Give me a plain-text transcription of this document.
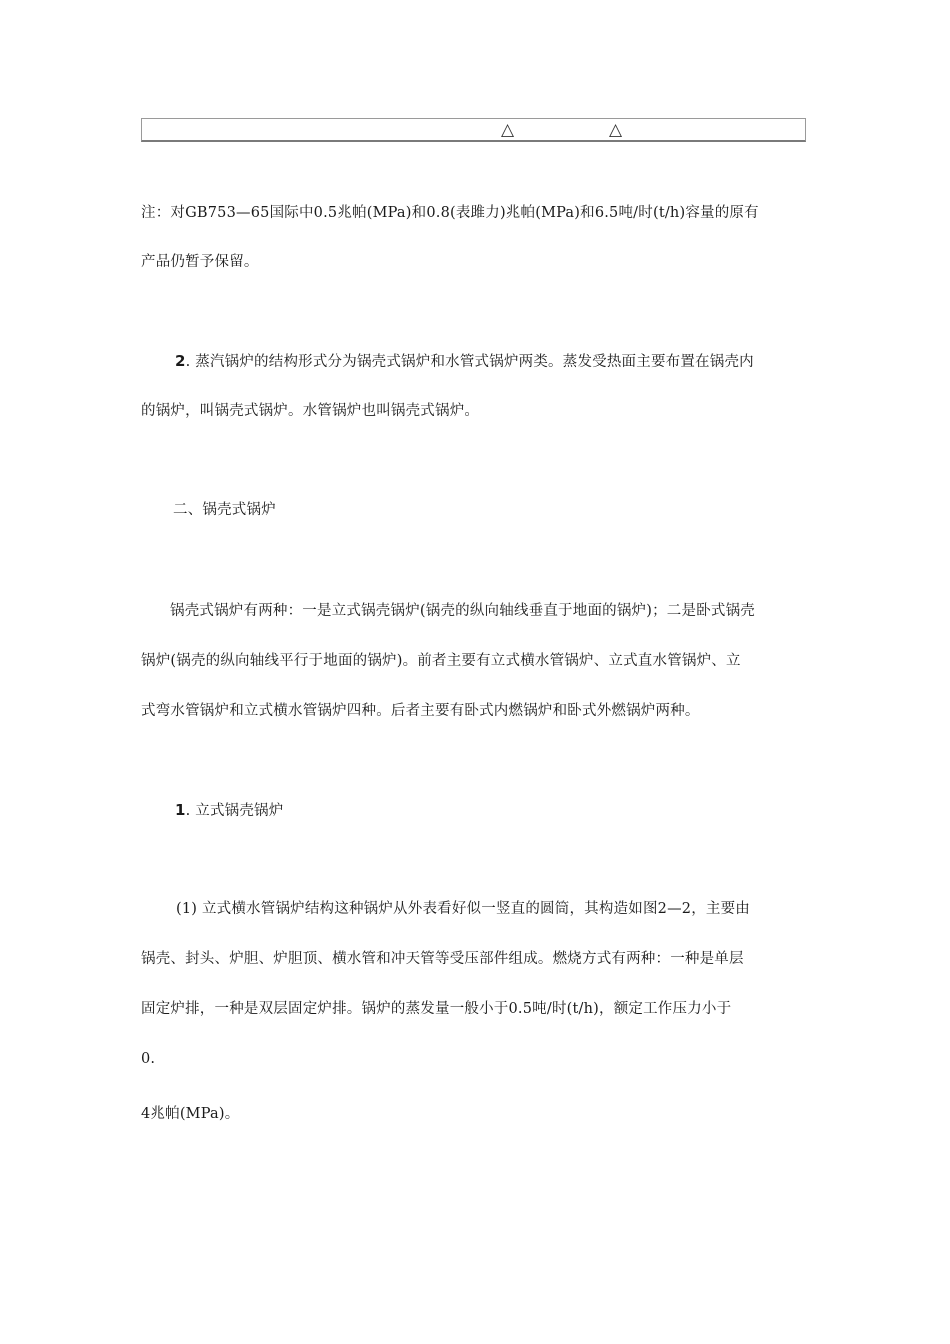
△	△
注：对GB753—65国际中0.5兆帕(MPa)和0.8(表雎力)兆帕(MPa)和6.5吨/时(t/h)容量的原有
产品仍暂予保留。
2. 蒸汽锅炉的结构形式分为锅壳式锅炉和水管式锅炉两类。蒸发受热面主要布置在锅壳内
的锅炉，叫锅壳式锅炉。水管锅炉也叫锅壳式锅炉。
二、锅壳式锅炉
锅壳式锅炉有两种：一是立式锅壳锅炉(锅壳的纵向轴线垂直于地面的锅炉)；二是卧式锅壳
锅炉(锅壳的纵向轴线平行于地面的锅炉)。前者主要有立式横水管锅炉、立式直水管锅炉、立
式弯水管锅炉和立式横水管锅炉四种。后者主要有卧式内燃锅炉和卧式外燃锅炉两种。
1. 立式锅壳锅炉
(1) 立式横水管锅炉结构这种锅炉从外表看好似一竖直的圆筒，其构造如图2—2，主要由
锅壳、封头、炉胆、炉胆顶、横水管和冲天管等受压部件组成。燃烧方式有两种：一种是单层
固定炉排，一种是双层固定炉排。锅炉的蒸发量一般小于0.5吨/时(t/h)，额定工作压力小于
0.
4兆帕(MPa)。
